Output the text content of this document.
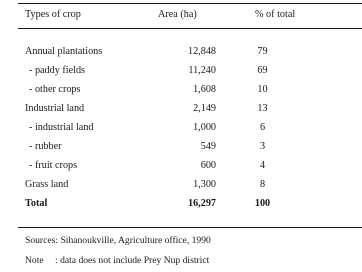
Types of crop	Area (ha)	% of total
Annual plantations	12,848	79
- paddy fields	11,240	69
- other crops	1,608	10
Industrial land	2,149	13
- industrial land	1,000	6
- rubber	549	3
- fruit crops	600	4
Grass land	1,300	8
Total	16,297	100
Sources: Sihanoukville, Agriculture office, 1990
Note : data does not include Prey Nup district
